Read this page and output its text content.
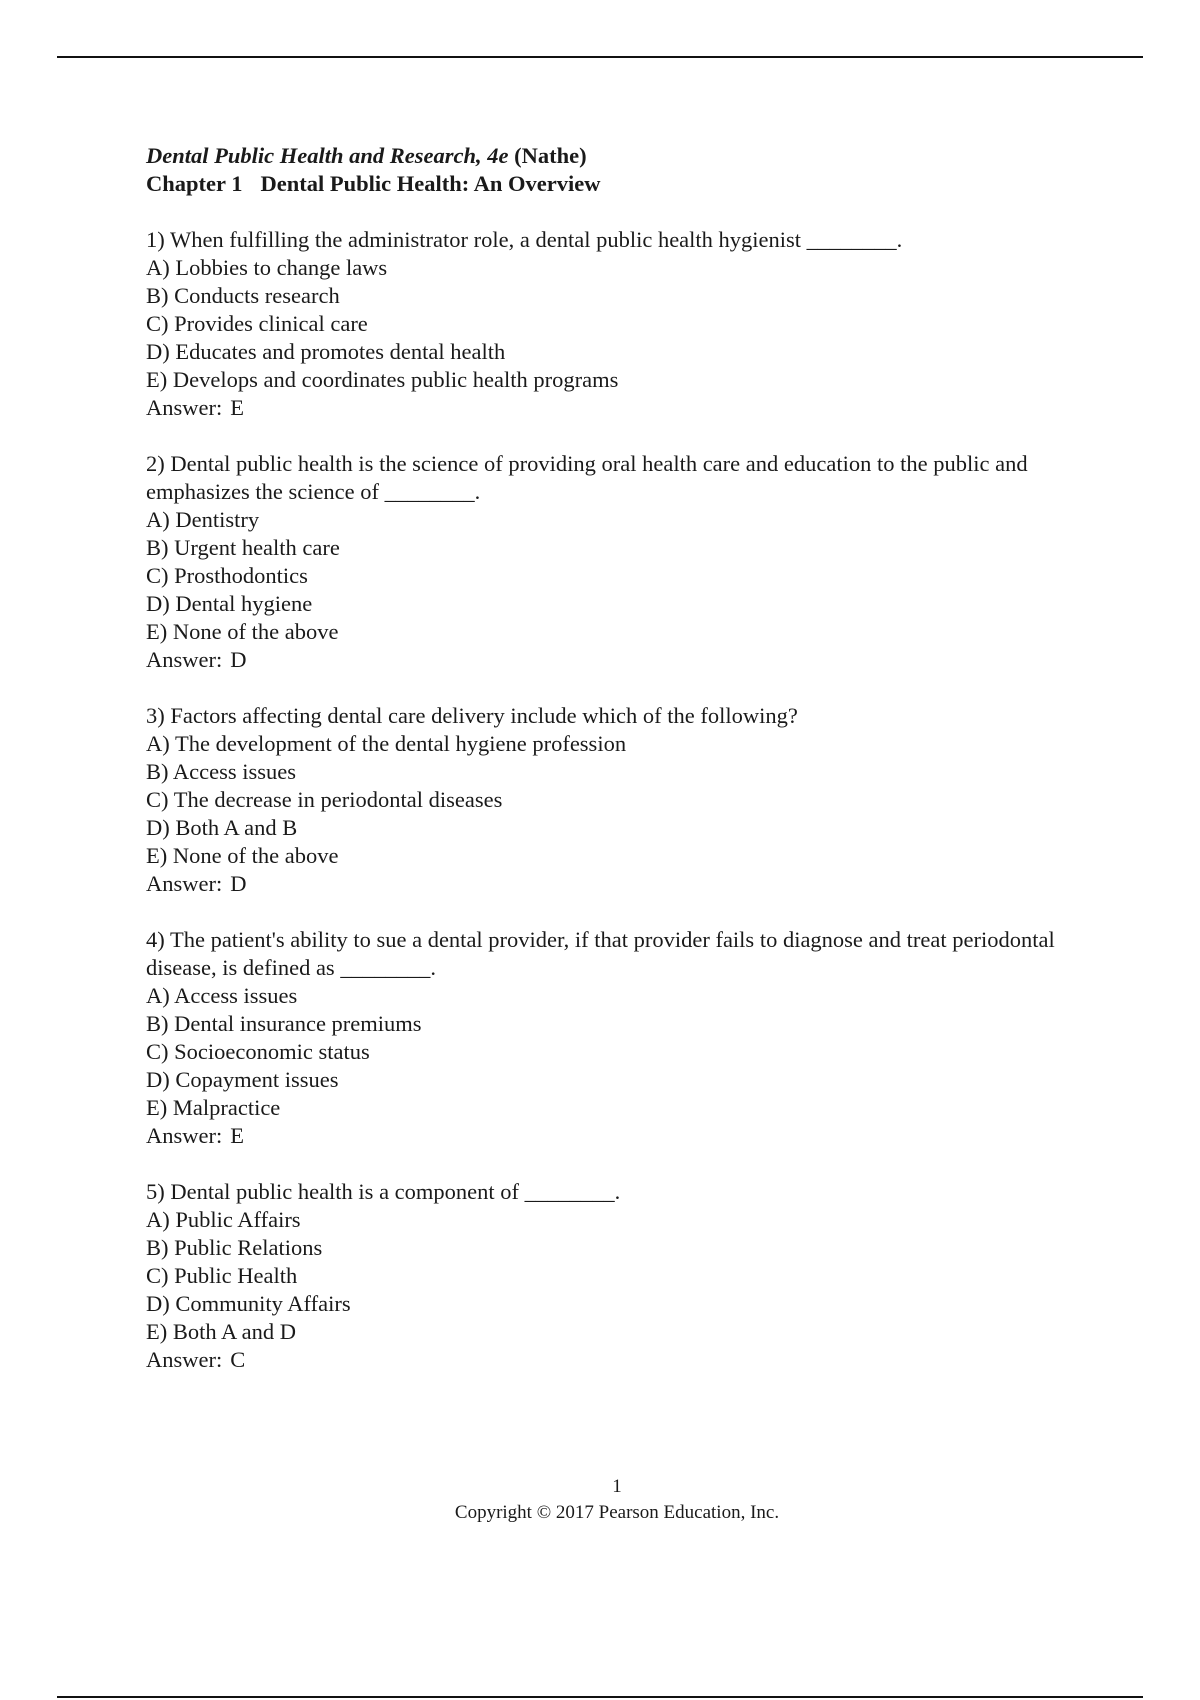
Dental Public Health and Research, 4e (Nathe)
Chapter 1 Dental Public Health: An Overview
1) When fulfilling the administrator role, a dental public health hygienist ________.
A) Lobbies to change laws
B) Conducts research
C) Provides clinical care
D) Educates and promotes dental health
E) Develops and coordinates public health programs
Answer: E
2) Dental public health is the science of providing oral health care and education to the public and emphasizes the science of ________.
A) Dentistry
B) Urgent health care
C) Prosthodontics
D) Dental hygiene
E) None of the above
Answer: D
3) Factors affecting dental care delivery include which of the following?
A) The development of the dental hygiene profession
B) Access issues
C) The decrease in periodontal diseases
D) Both A and B
E) None of the above
Answer: D
4) The patient's ability to sue a dental provider, if that provider fails to diagnose and treat periodontal disease, is defined as ________.
A) Access issues
B) Dental insurance premiums
C) Socioeconomic status
D) Copayment issues
E) Malpractice
Answer: E
5) Dental public health is a component of ________.
A) Public Affairs
B) Public Relations
C) Public Health
D) Community Affairs
E) Both A and D
Answer: C
1
Copyright © 2017 Pearson Education, Inc.
